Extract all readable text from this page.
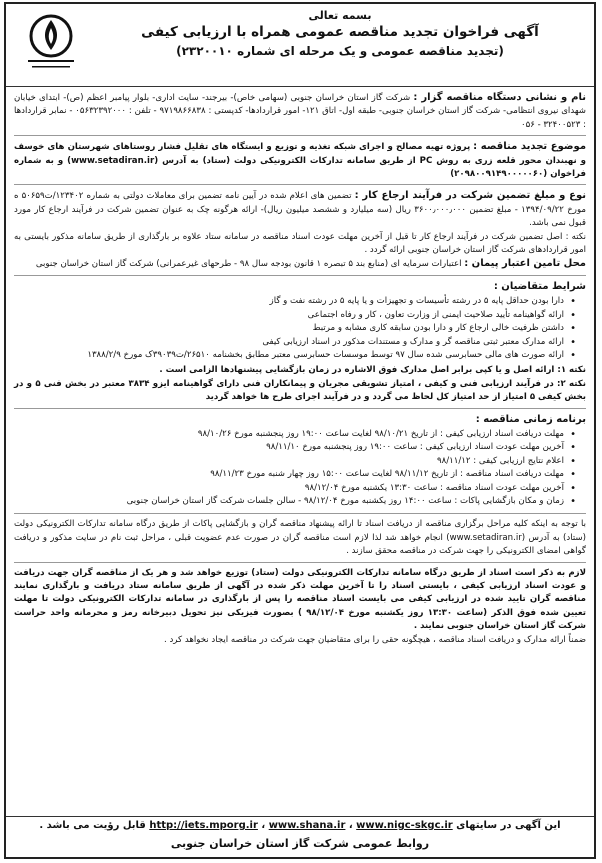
بسمه تعالی
آگهی فراخوان تجدید مناقصه عمومی همراه با ارزیابی کیفی
(تجدید مناقصه عمومی و یک مرحله ای شماره ۲۳۲۰۰۱۰)
نام و نشانی دستگاه مناقصه گزار : شرکت گاز استان خراسان جنوبی (سهامی خاص)- بیرجند- سایت اداری- بلوار پیامبر اعظم (ص)- ابتدای خیابان شهدای نیروی انتظامی- شرکت گاز استان خراسان جنوبی- طبقه اول- اتاق ۱۲۱- امور قراردادها- کدپستی : ۹۷۱۹۸۶۶۸۳۸ - تلفن : ۰۵۶۳۲۳۹۲۰۰۰ - نمابر قراردادها : ۳۲۴۰۰۵۲۳ - ۰۵۶
موضوع تجدید مناقصه : پروژه تهیه مصالح و اجرای شبکه تغذیه و توزیع و ایستگاه های تقلیل فشار روستاهای شهرستان های خوسف و نهبندان محور قلعه زری به روش PC از طریق سامانه تدارکات الکترونیکی دولت (ستاد) به آدرس (www.setadiran.ir) و به شماره فراخوان (۲۰۹۸۰۰۹۱۴۹۰۰۰۰۰۶۰)
نوع و مبلغ تضمین شرکت در فرآیند ارجاع کار : تضمین های اعلام شده در آیین نامه تضمین برای معاملات دولتی به شماره ۱۲۳۴۰۲/ت۵۰۶۵۹ ه مورخ ۱۳۹۴/۰۹/۲۲ - مبلغ تضمین ۳۶۰۰٫۰۰۰٫۰۰۰ ریال (سه میلیارد و ششصد میلیون ریال)- ارائه هرگونه چک به عنوان تضمین شرکت در فرآیند ارجاع کار مورد قبول نمی باشد.
نکته : اصل تضمین شرکت در فرآیند ارجاع کار تا قبل از آخرین مهلت عودت اسناد مناقصه در سامانه ستاد علاوه بر بارگذاری از طریق سامانه مذکور بایستی به امور قراردادهای شرکت گاز استان خراسان جنوبی ارائه گردد .
محل تامین اعتبار پیمان : اعتبارات سرمایه ای (منابع بند ۵ تبصره ۱ قانون بودجه سال ۹۸ - طرحهای غیرعمرانی) شرکت گاز استان خراسان جنوبی
شرایط متقاضیان :
• دارا بودن حداقل پایه ۵ در رشته تأسیسات و تجهیزات و یا پایه ۵ در رشته نفت و گاز
• ارائه گواهینامه تأیید صلاحیت ایمنی از وزارت تعاون ، کار و رفاه اجتماعی
• داشتن ظرفیت خالی ارجاع کار و دارا بودن سابقه کاری مشابه و مرتبط
• ارائه مدارک معتبر ثبتی مناقصه گر و مدارک و مستندات مذکور در اسناد ارزیابی کیفی
• ارائه صورت های مالی حسابرسی شده سال ۹۷ توسط موسسات حسابرسی معتبر مطابق بخشنامه ۲۶۵۱۰/ت۳۹۰۳۹ک مورخ ۱۳۸۸/۲/۹
نکته ۱: ارائه اصل و یا کپی برابر اصل مدارک فوق الاشاره در زمان بازگشایی پیشنهادها الزامی است .
نکته ۲: در فرآیند ارزیابی فنی و کیفی ، امتیاز تشویقی مجریان و پیمانکاران فنی دارای گواهینامه ایزو ۳۸۳۴ معتبر در بخش فنی ۵ و در بخش کیفی ۵ امتیاز از حد امتیاز کل لحاظ می گردد و در فرآیند اجرای طرح ها خواهد گردید
برنامه زمانی مناقصه :
• مهلت دریافت اسناد ارزیابی کیفی : از تاریخ ۹۸/۱۰/۲۱ لغایت ساعت ۱۹:۰۰ روز پنجشنبه مورخ ۹۸/۱۰/۲۶
• آخرین مهلت عودت اسناد ارزیابی کیفی : ساعت ۱۹:۰۰ روز پنجشنبه مورخ ۹۸/۱۱/۱۰
• اعلام نتایج ارزیابی کیفی : ۹۸/۱۱/۱۲
• مهلت دریافت اسناد مناقصه : از تاریخ ۹۸/۱۱/۱۲ لغایت ساعت ۱۵:۰۰ روز چهار شنبه مورخ ۹۸/۱۱/۲۳
• آخرین مهلت عودت اسناد مناقصه : ساعت ۱۳:۳۰ یکشنبه مورخ ۹۸/۱۲/۰۴
• زمان و مکان بازگشایی پاکات : ساعت ۱۴:۰۰ روز یکشنبه مورخ ۹۸/۱۲/۰۴ - سالن جلسات شرکت گاز استان خراسان جنوبی
با توجه به اینکه کلیه مراحل برگزاری مناقصه از دریافت اسناد تا ارائه پیشنهاد مناقصه گران و بازگشایی پاکات از طریق درگاه سامانه تدارکات الکترونیکی دولت (ستاد) به آدرس (www.setadiran.ir) انجام خواهد شد لذا لازم است مناقصه گران در صورت عدم عضویت قبلی ، مراحل ثبت نام در سایت مذکور و دریافت گواهی امضای الکترونیکی را جهت شرکت در مناقصه محقق سازند .
لازم به ذکر است اسناد از طریق درگاه سامانه تدارکات الکترونیکی دولت (ستاد) توزیع خواهد شد و هر یک از مناقصه گران جهت دریافت و عودت اسناد ارزیابی کیفی ، بایستی اسناد را تا آخرین مهلت ذکر شده در آگهی از طریق سامانه ستاد دریافت و بارگذاری نمایند مناقصه گران تایید شده در ارزیابی کیفی می بایست اسناد مناقصه را پس از بارگذاری در سامانه تدارکات الکترونیکی دولت تا مهلت تعیین شده فوق الذکر (ساعت ۱۳:۳۰ روز یکشنبه مورخ ۹۸/۱۲/۰۴ ) بصورت فیزیکی نیز تحویل دبیرخانه رمز و محرمانه واحد حراست شرکت گاز استان خراسان جنوبی نمایند .
ضمناً ارائه مدارک و دریافت اسناد مناقصه ، هیچگونه حقی را برای متقاضیان جهت شرکت در مناقصه ایجاد نخواهد کرد .
این آگهی در سایتهای http://iets.mporg.ir ، www.shana.ir ، www.nigc-skgc.ir قابل رؤیت می باشد .
روابط عمومی شرکت گاز استان خراسان جنوبی
